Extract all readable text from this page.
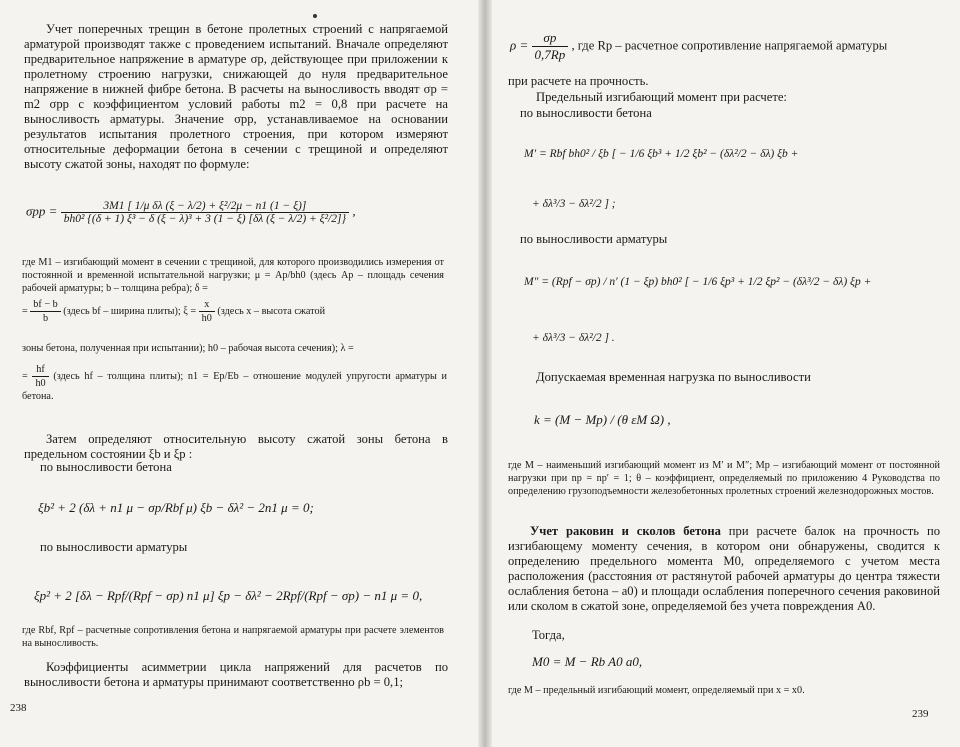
Учет поперечных трещин в бетоне пролетных строений с напрягаемой арматурой производят также с проведением испытаний. Вначале определяют предварительное напряжение в арматуре σp, действующее при приложении к пролетному строению нагрузки, снижающей до нуля предварительное напряжение в нижней фибре бетона. В расчеты на выносливость вводят σp = m2 σpp с коэффициентом условий работы m2 = 0,8 при расчете на выносливость арматуры. Значение σpp, устанавливаемое на основании результатов испытания пролетного строения, при котором измеряют относительные деформации бетона в сечении с трещиной и определяют высоту сжатой зоны, находят по формуле:

σpp =	3M1 [ 1/μ δλ (ξ − λ/2) + ξ²/2μ − n1 (1 − ξ)]
bh0² {(δ + 1) ξ³ − δ (ξ − λ)³ + 3 (1 − ξ) [δλ (ξ − λ/2) + ξ²/2]}
,

где M1 – изгибающий момент в сечении с трещиной, для которого производились измерения от постоянной и временной испытательной нагрузки; μ = Ap/bh0 (здесь Ap – площадь сечения рабочей арматуры; b – толщина ребра); δ =

= $\frac{bf - b}{b}$ (здесь bf – ширина плиты); $\xi = \frac{x}{h0}$ (здесь x – высота сжатой

зоны бетона, полученная при испытании); h0 – рабочая высота сечения); λ =

= $\frac{hf}{h0}$ (здесь hf – толщина плиты); n1 = Ep/Eb – отношение модулей упругости арматуры и бетона.

Затем определяют относительную высоту сжатой зоны бетона в предельном состоянии ξb и ξp :

по выносливости бетона

ξb² + 2 (δλ + n1 μ − σp/Rbf μ) ξb − δλ² − 2n1 μ = 0;

по выносливости арматуры

ξp² + 2 [δλ − Rpf/(Rpf − σp) n1 μ] ξp − δλ² − 2Rpf/(Rpf − σp) − n1 μ = 0,

где Rbf, Rpf – расчетные сопротивления бетона и напрягаемой арматуры при расчете элементов на выносливость.

Коэффициенты асимметрии цикла напряжений для расчетов по выносливости бетона и арматуры принимают соответственно ρb = 0,1;

238
$\rho = \frac{\sigma p}{0,7Rp}$ , где Rp – расчетное сопротивление напрягаемой арматуры

при расчете на прочность.

Предельный изгибающий момент при расчете:

по выносливости бетона

M′ = Rbf bh0² / ξb [ − 1/6 ξb³ + 1/2 ξb² − (δλ²/2 − δλ) ξb +

+ δλ³/3 − δλ²/2 ] ;

по выносливости арматуры

M″ = (Rpf − σp) / n′ (1 − ξp) bh0² [ − 1/6 ξp³ + 1/2 ξp² − (δλ³/2 − δλ) ξp +

+ δλ³/3 − δλ²/2 ] .

Допускаемая временная нагрузка по выносливости

k = (M − Mp) / (θ εM Ω) ,

где M – наименьший изгибающий момент из M′ и M″; Mp – изгибающий момент от постоянной нагрузки при np = np′ = 1; θ – коэффициент, определяемый по приложению 4 Руководства по определению грузоподъемности железобетонных пролетных строений железнодорожных мостов.

Учет раковин и сколов бетона при расчете балок на прочность по изгибающему моменту сечения, в котором они обнаружены, сводится к определению предельного момента M0, определяемого с учетом места расположения (расстояния от растянутой рабочей арматуры до центра тяжести ослабления бетона – a0) и площади ослабления поперечного сечения раковиной или сколом в сжатой зоне, определяемой без учета повреждения A0.

Тогда,

M0 = M − Rb A0 a0,

где M – предельный изгибающий момент, определяемый при x = x0.

239
